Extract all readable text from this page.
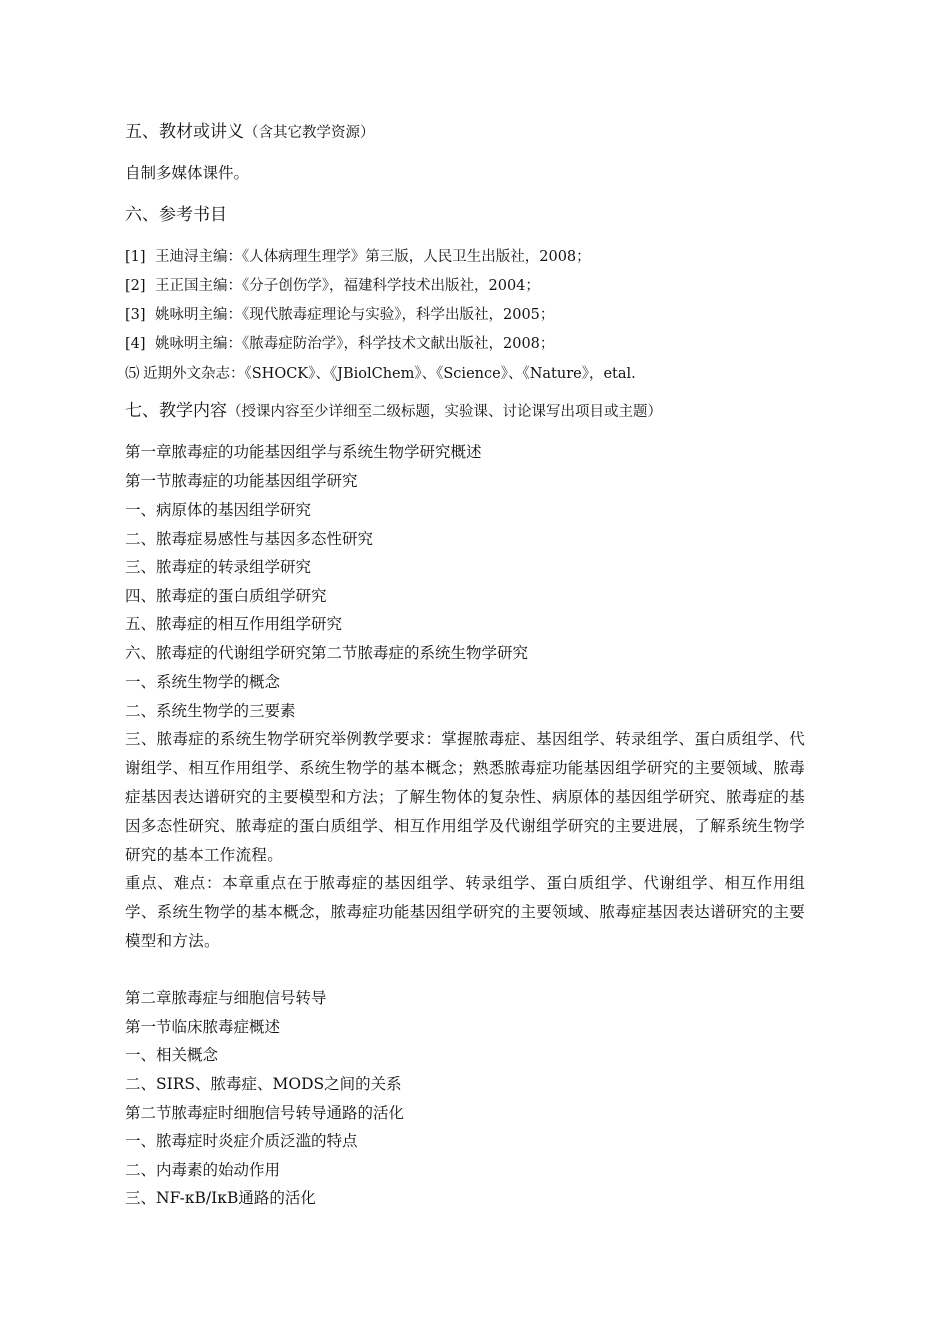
五、教材或讲义（含其它教学资源）
自制多媒体课件。
六、参考书目
[1] 王迪浔主编：《人体病理生理学》第三版，人民卫生出版社，2008；
[2] 王正国主编：《分子创伤学》，福建科学技术出版社，2004；
[3] 姚咏明主编：《现代脓毒症理论与实验》，科学出版社，2005；
[4] 姚咏明主编：《脓毒症防治学》，科学技术文献出版社，2008；
⑸ 近期外文杂志：《SHOCK》、《JBiolChem》、《Science》、《Nature》，etal.
七、教学内容（授课内容至少详细至二级标题，实验课、讨论课写出项目或主题）
第一章脓毒症的功能基因组学与系统生物学研究概述
第一节脓毒症的功能基因组学研究
一、病原体的基因组学研究
二、脓毒症易感性与基因多态性研究
三、脓毒症的转录组学研究
四、脓毒症的蛋白质组学研究
五、脓毒症的相互作用组学研究
六、脓毒症的代谢组学研究第二节脓毒症的系统生物学研究
一、系统生物学的概念
二、系统生物学的三要素
三、脓毒症的系统生物学研究举例教学要求：掌握脓毒症、基因组学、转录组学、蛋白质组学、代谢组学、相互作用组学、系统生物学的基本概念；熟悉脓毒症功能基因组学研究的主要领域、脓毒症基因表达谱研究的主要模型和方法；了解生物体的复杂性、病原体的基因组学研究、脓毒症的基因多态性研究、脓毒症的蛋白质组学、相互作用组学及代谢组学研究的主要进展，了解系统生物学研究的基本工作流程。
重点、难点：本章重点在于脓毒症的基因组学、转录组学、蛋白质组学、代谢组学、相互作用组学、系统生物学的基本概念，脓毒症功能基因组学研究的主要领域、脓毒症基因表达谱研究的主要模型和方法。
第二章脓毒症与细胞信号转导
第一节临床脓毒症概述
一、相关概念
二、SIRS、脓毒症、MODS之间的关系
第二节脓毒症时细胞信号转导通路的活化
一、脓毒症时炎症介质泛滥的特点
二、内毒素的始动作用
三、NF-κB/IκB通路的活化
